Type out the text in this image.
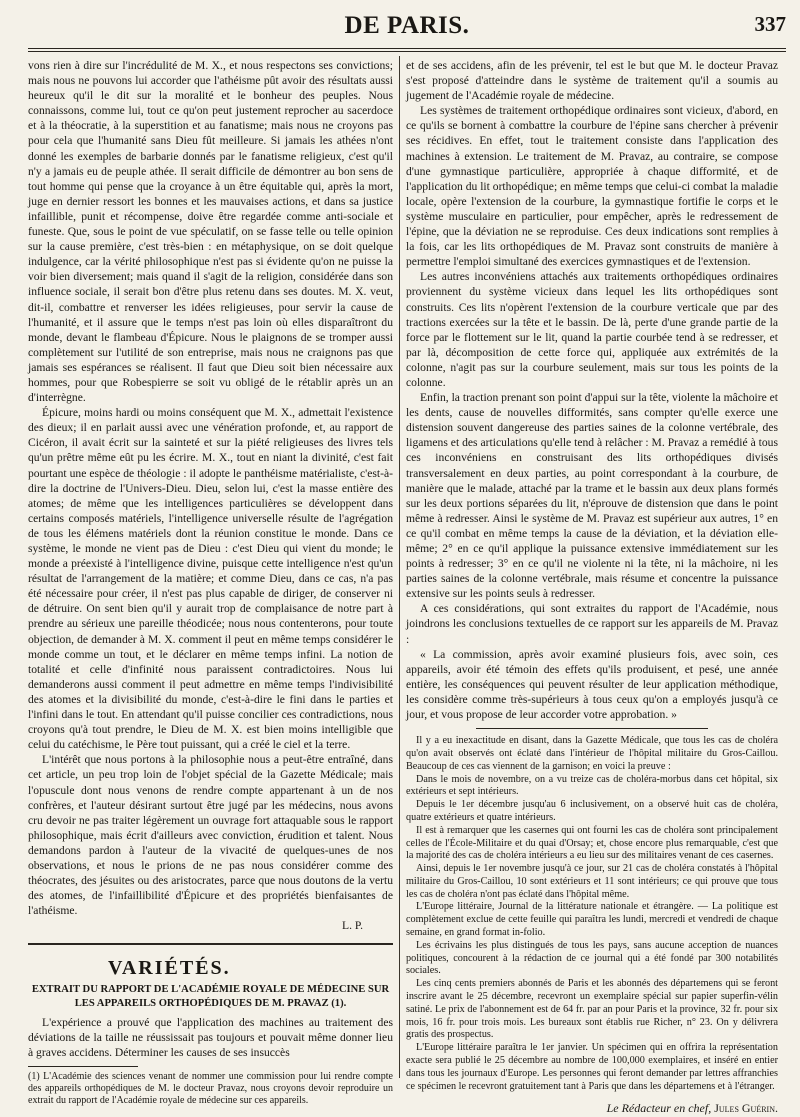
DE PARIS.	337

vons rien à dire sur l'incrédulité de M. X., et nous respectons ses convictions; mais nous ne pouvons lui accorder que l'athéisme pût avoir des résultats aussi heureux qu'il le dit sur la moralité et le bonheur des peuples. Nous connaissons, comme lui, tout ce qu'on peut justement reprocher au sacerdoce et à la théocratie, à la superstition et au fanatisme; mais nous ne croyons pas pour cela que l'humanité sans Dieu fût meilleure. Si jamais les athées n'ont donné les exemples de barbarie donnés par le fanatisme religieux, c'est qu'il n'y a jamais eu de peuple athée. Il serait difficile de démontrer au bon sens de tout homme qui pense que la croyance à un être équitable qui, après la mort, juge en dernier ressort les bonnes et les mauvaises actions, et dans sa justice infaillible, punit et récompense, doive être regardée comme anti-sociale et funeste. Que, sous le point de vue spéculatif, on se fasse telle ou telle opinion sur la cause première, c'est très-bien : en métaphysique, on se doit quelque indulgence, car la vérité philosophique n'est pas si évidente qu'on ne puisse la voir bien diversement; mais quand il s'agit de la religion, considérée dans son influence sociale, il serait bon d'être plus retenu dans ses doutes. M. X. veut, dit-il, combattre et renverser les idées religieuses, pour servir la cause de l'humanité, et il assure que le temps n'est pas loin où elles disparaîtront du monde, devant le flambeau d'Épicure. Nous le plaignons de se tromper aussi complètement sur l'utilité de son entreprise, mais nous ne craignons pas que jamais ses espérances se réalisent. Il faut que Dieu soit bien nécessaire aux hommes, pour que Robespierre se soit vu obligé de le rétablir après un an d'interrègne.

Épicure, moins hardi ou moins conséquent que M. X., admettait l'existence des dieux; il en parlait aussi avec une vénération profonde, et, au rapport de Cicéron, il avait écrit sur la sainteté et sur la piété religieuses des livres tels qu'un prêtre même eût pu les écrire. M. X., tout en niant la divinité, c'est fait pourtant une espèce de théologie : il adopte le panthéisme matérialiste, c'est-à-dire la doctrine de l'Univers-Dieu. Dieu, selon lui, c'est la masse entière des atomes; de même que les intelligences particulières se développent dans certains composés matériels, l'intelligence universelle résulte de l'agrégation de tous les élémens matériels dont la réunion constitue le monde. Dans ce système, le monde ne vient pas de Dieu : c'est Dieu qui vient du monde; le monde a préexisté à l'intelligence divine, puisque cette intelligence n'est qu'un résultat de l'arrangement de la matière; et comme Dieu, dans ce cas, n'a pas été nécessaire pour créer, il n'est pas plus capable de diriger, de conserver ni de détruire. On sent bien qu'il y aurait trop de complaisance de notre part à prendre au sérieux une pareille théodicée; nous nous contenterons, pour toute objection, de demander à M. X. comment il peut en même temps considérer le monde comme un tout, et le déclarer en même temps infini. La notion de totalité et celle d'infinité nous paraissent contradictoires. Nous lui demanderons aussi comment il peut admettre en même temps l'indivisibilité des atomes et la divisibilité du monde, c'est-à-dire le fini dans le parties et l'infini dans le tout. En attendant qu'il puisse concilier ces contradictions, nous croyons qu'à tout prendre, le Dieu de M. X. est bien moins intelligible que celui du catéchisme, le Père tout puissant, qui a créé le ciel et la terre.

L'intérêt que nous portons à la philosophie nous a peut-être entraîné, dans cet article, un peu trop loin de l'objet spécial de la Gazette Médicale; mais l'opuscule dont nous venons de rendre compte appartenant à un de nos confrères, et l'auteur désirant surtout être jugé par les médecins, nous avons cru devoir ne pas traiter légèrement un ouvrage fort attaquable sous le rapport philosophique, mais écrit d'ailleurs avec conviction, érudition et talent. Nous demandons pardon à l'auteur de la vivacité de quelques-unes de nos observations, et nous le prions de ne pas nous considérer comme des théocrates, des jésuites ou des aristocrates, parce que nous doutons de la vertu des atomes, de l'infaillibilité d'Épicure et des propriétés bienfaisantes de l'athéisme.

L. P.
VARIÉTÉS.
EXTRAIT DU RAPPORT DE L'ACADÉMIE ROYALE DE MÉDECINE SUR LES APPAREILS ORTHOPÉDIQUES DE M. PRAVAZ (1).

L'expérience a prouvé que l'application des machines au traitement des déviations de la taille ne réussissait pas toujours et pouvait même donner lieu à graves accidens. Déterminer les causes de ses insuccès

(1) L'Académie des sciences venant de nommer une commission pour lui rendre compte des appareils orthopédiques de M. le docteur Pravaz, nous croyons devoir reproduire un extrait du rapport de l'Académie royale de médecine sur ces appareils.

et de ses accidens, afin de les prévenir, tel est le but que M. le docteur Pravaz s'est proposé d'atteindre dans le système de traitement qu'il a soumis au jugement de l'Académie royale de médecine.

Les systèmes de traitement orthopédique ordinaires sont vicieux, d'abord, en ce qu'ils se bornent à combattre la courbure de l'épine sans chercher à prévenir ses récidives. En effet, tout le traitement consiste dans l'application des machines à extension. Le traitement de M. Pravaz, au contraire, se compose d'une gymnastique particulière, appropriée à chaque difformité, et de l'application du lit orthopédique; en même temps que celui-ci combat la maladie locale, opère l'extension de la courbure, la gymnastique fortifie le corps et le système musculaire en particulier, pour empêcher, après le redressement de l'épine, que la déviation ne se reproduise. Ces deux indications sont remplies à la fois, car les lits orthopédiques de M. Pravaz sont construits de manière à permettre l'emploi simultané des exercices gymnastiques et de l'extension.

Les autres inconvéniens attachés aux traitements orthopédiques ordinaires proviennent du système vicieux dans lequel les lits orthopédiques sont construits. Ces lits n'opèrent l'extension de la courbure verticale que par des tractions exercées sur la tête et le bassin. De là, perte d'une grande partie de la force par le flottement sur le lit, quand la partie courbée tend à se redresser, et par là, décomposition de cette force qui, appliquée aux extrémités de la colonne, n'agit pas sur la courbure seulement, mais sur tous les points de la colonne.

Enfin, la traction prenant son point d'appui sur la tête, violente la mâchoire et les dents, cause de nouvelles difformités, sans compter qu'elle exerce une distension souvent dangereuse des parties saines de la colonne vertébrale, des ligamens et des articulations qu'elle tend à relâcher : M. Pravaz a remédié à tous ces inconvéniens en construisant des lits orthopédiques divisés transversalement en deux parties, au point correspondant à la courbure, de manière que le malade, attaché par la trame et le bassin aux deux plans formés sur les deux portions séparées du lit, n'éprouve de distension que dans le point même à redresser. Ainsi le système de M. Pravaz est supérieur aux autres, 1° en ce qu'il combat en même temps la cause de la déviation, et la déviation elle-même; 2° en ce qu'il applique la puissance extensive immédiatement sur les points à redresser; 3° en ce qu'il ne violente ni la tête, ni la mâchoire, ni les parties saines de la colonne vertébrale, mais résume et concentre la puissance extensive sur les points seuls à redresser.

A ces considérations, qui sont extraites du rapport de l'Académie, nous joindrons les conclusions textuelles de ce rapport sur les appareils de M. Pravaz :

« La commission, après avoir examiné plusieurs fois, avec soin, ces appareils, avoir été témoin des effets qu'ils produisent, et pesé, une année entière, les conséquences qui peuvent résulter de leur application méthodique, les considère comme très-supérieurs à tous ceux qu'on a employés jusqu'à ce jour, et vous propose de leur accorder votre approbation. »

Il y a eu inexactitude en disant, dans la Gazette Médicale, que tous les cas de choléra qu'on avait observés ont éclaté dans l'intérieur de l'hôpital militaire du Gros-Caillou. Beaucoup de ces cas viennent de la garnison; en voici la preuve :

Dans le mois de novembre, on a vu treize cas de choléra-morbus dans cet hôpital, six extérieurs et sept intérieurs.

Depuis le 1er décembre jusqu'au 6 inclusivement, on a observé huit cas de choléra, quatre extérieurs et quatre intérieurs.

Il est à remarquer que les casernes qui ont fourni les cas de choléra sont principalement celles de l'École-Militaire et du quai d'Orsay; et, chose encore plus remarquable, c'est que la majorité des cas de choléra intérieurs a eu lieu sur des militaires venant de ces casernes.

Ainsi, depuis le 1er novembre jusqu'à ce jour, sur 21 cas de choléra constatés à l'hôpital militaire du Gros-Caillou, 10 sont extérieurs et 11 sont intérieurs; ce qui prouve que tous les cas de choléra n'ont pas éclaté dans l'hôpital même.

L'Europe littéraire, Journal de la littérature nationale et étrangère. — La politique est complètement exclue de cette feuille qui paraîtra les lundi, mercredi et vendredi de chaque semaine, en grand format in-folio.

Les écrivains les plus distingués de tous les pays, sans aucune acception de nuances politiques, concourent à la rédaction de ce journal qui a été fondé par 300 notabilités sociales.

Les cinq cents premiers abonnés de Paris et les abonnés des départemens qui se feront inscrire avant le 25 décembre, recevront un exemplaire spécial sur papier superfin-vélin satiné. Le prix de l'abonnement est de 64 fr. par an pour Paris et la province, 32 fr. pour six mois, 16 fr. pour trois mois. Les bureaux sont établis rue Richer, n° 23. On y délivrera gratis des prospectus.

L'Europe littéraire paraîtra le 1er janvier. Un spécimen qui en offrira la représentation exacte sera publié le 25 décembre au nombre de 100,000 exemplaires, et inséré en entier dans tous les journaux d'Europe. Les personnes qui feront demander par lettres affranchies ce spécimen le recevront gratuitement tant à Paris que dans les départemens et à l'étranger.

Le Rédacteur en chef, Jules Guérin.
